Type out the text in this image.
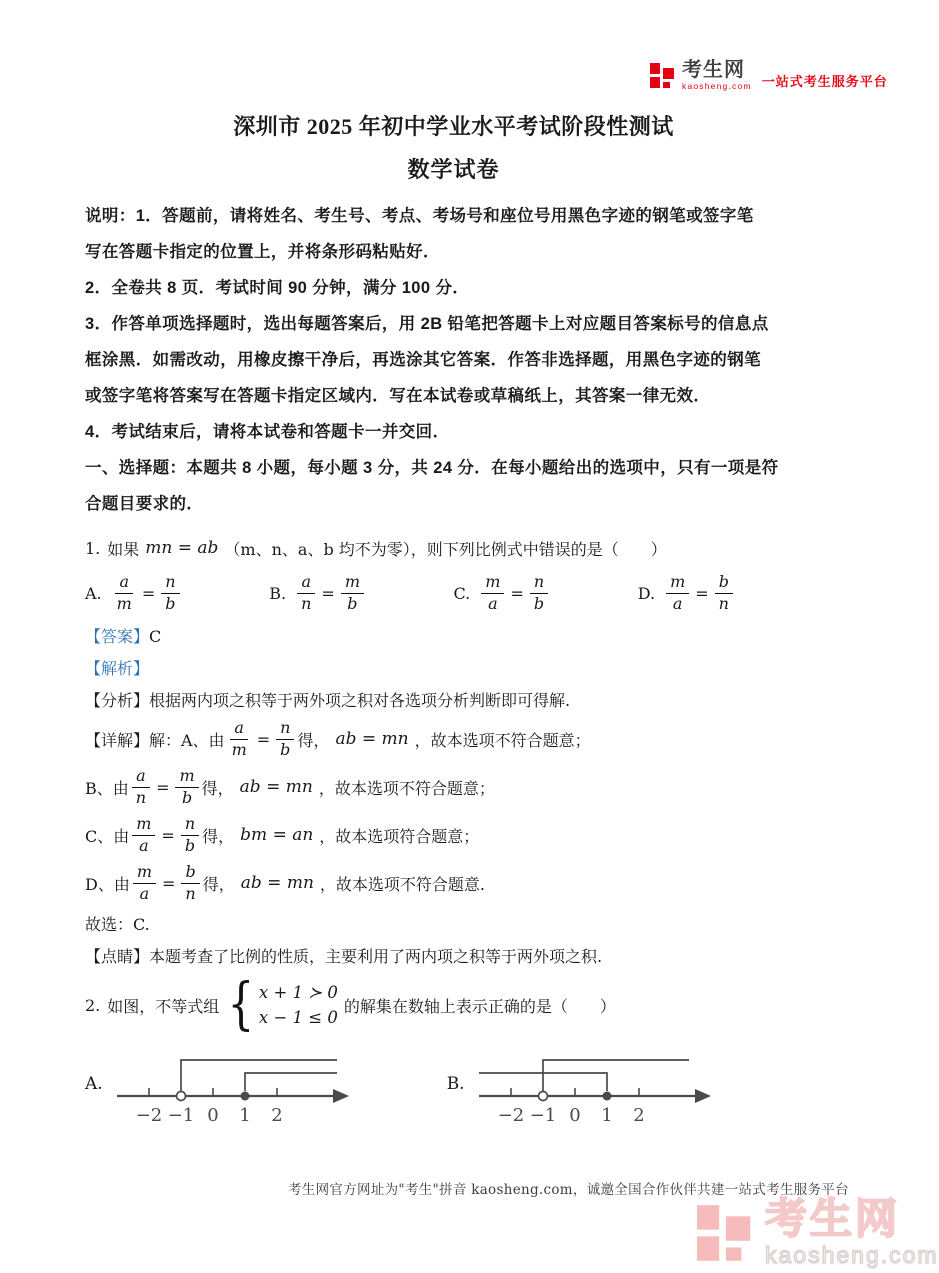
考生网
kaosheng.com 一站式考生服务平台
深圳市 2025 年初中学业水平考试阶段性测试
数学试卷
说明：1．答题前，请将姓名、考生号、考点、考场号和座位号用黑色字迹的钢笔或签字笔
写在答题卡指定的位置上，并将条形码粘贴好．
2．全卷共 8 页．考试时间 90 分钟，满分 100 分．
3．作答单项选择题时，选出每题答案后，用 2B 铅笔把答题卡上对应题目答案标号的信息点
框涂黑．如需改动，用橡皮擦干净后，再选涂其它答案．作答非选择题，用黑色字迹的钢笔
或签字笔将答案写在答题卡指定区域内．写在本试卷或草稿纸上，其答案一律无效．
4．考试结束后，请将本试卷和答题卡一并交回．
一、选择题：本题共 8 小题，每小题 3 分，共 24 分．在每小题给出的选项中，只有一项是符
合题目要求的．
1. 如果 mn = ab （m、n、a、b 均不为零），则下列比例式中错误的是（　　）
A. $\frac{a}{m} = \frac{n}{b}$	B. $\frac{a}{n} = \frac{m}{b}$	C. $\frac{m}{a} = \frac{n}{b}$	D. $\frac{m}{a} = \frac{b}{n}$
【答案】 C
【解析】
【分析】 根据两内项之积等于两外项之积对各选项分析判断即可得解.
【详解】解：A、由 $\frac{a}{m} = \frac{n}{b}$ 得， ab = mn ，故本选项不符合题意；
B、由 $\frac{a}{n} = \frac{m}{b}$ 得， ab = mn ，故本选项不符合题意；
C、由 $\frac{m}{a} = \frac{n}{b}$ 得， bm = an ，故本选项符合题意；
D、由 $\frac{m}{a} = \frac{b}{n}$ 得， ab = mn ，故本选项不符合题意.
故选：C.
【点睛】 本题考查了比例的性质，主要利用了两内项之积等于两外项之积.
2. 如图，不等式组 { x + 1 ≻ 0
x − 1 ≤ 0
的解集在数轴上表示正确的是（　　）
A.
−2 −1 0 1 2
B.
−2 −1 0 1 2
考生网官方网址为"考生"拼音 kaosheng.com，诚邀全国合作伙伴共建一站式考生服务平台
考生网
kaosheng.com
